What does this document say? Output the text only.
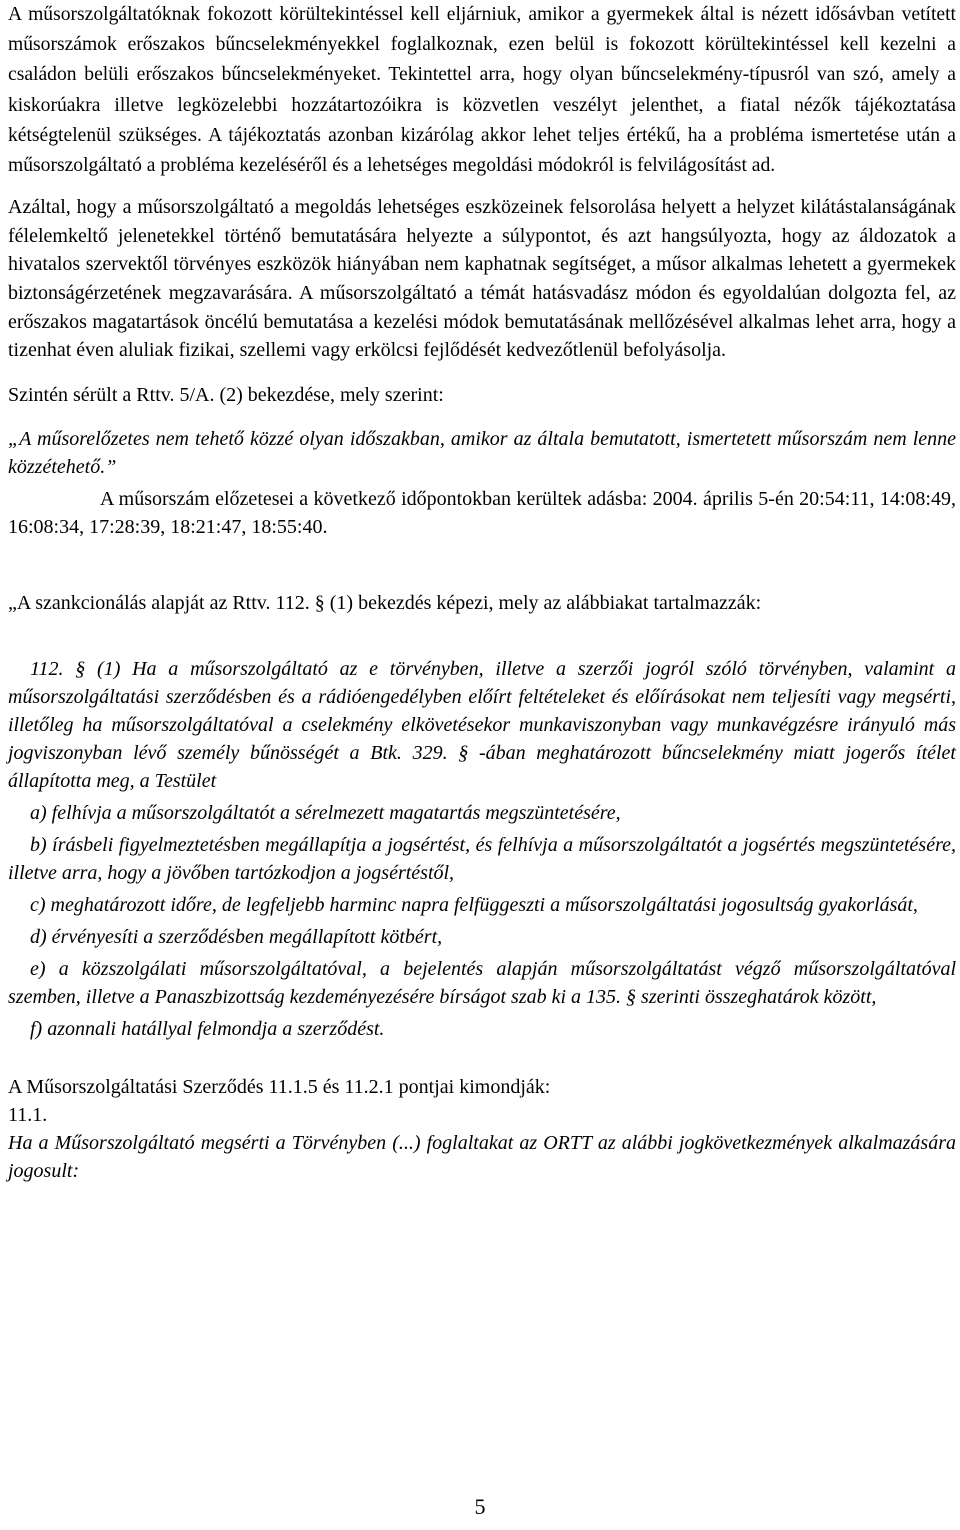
A műsorszolgáltatóknak fokozott körültekintéssel kell eljárniuk, amikor a gyermekek által is nézett idősávban vetített műsorszámok erőszakos bűncselekményekkel foglalkoznak, ezen belül is fokozott körültekintéssel kell kezelni a családon belüli erőszakos bűncselekményeket. Tekintettel arra, hogy olyan bűncselekmény-típusról van szó, amely a kiskorúakra illetve legközelebbi hozzátartozóikra is közvetlen veszélyt jelenthet, a fiatal nézők tájékoztatása kétségtelenül szükséges. A tájékoztatás azonban kizárólag akkor lehet teljes értékű, ha a probléma ismertetése után a műsorszolgáltató a probléma kezeléséről és a lehetséges megoldási módokról is felvilágosítást ad.

Azáltal, hogy a műsorszolgáltató a megoldás lehetséges eszközeinek felsorolása helyett a helyzet kilátástalanságának félelemkeltő jelenetekkel történő bemutatására helyezte a súlypontot, és azt hangsúlyozta, hogy az áldozatok a hivatalos szervektől törvényes eszközök hiányában nem kaphatnak segítséget, a műsor alkalmas lehetett a gyermekek biztonságérzetének megzavarására. A műsorszolgáltató a témát hatásvadász módon és egyoldalúan dolgozta fel, az erőszakos magatartások öncélú bemutatása a kezelési módok bemutatásának mellőzésével alkalmas lehet arra, hogy a tizenhat éven aluliak fizikai, szellemi vagy erkölcsi fejlődését kedvezőtlenül befolyásolja.

Szintén sérült a Rttv. 5/A. (2) bekezdése, mely szerint:

„A műsorelőzetes nem tehető közzé olyan időszakban, amikor az általa bemutatott, ismertetett műsorszám nem lenne közzétehető.”

A műsorszám előzetesei a következő időpontokban kerültek adásba: 2004. április 5-én 20:54:11, 14:08:49, 16:08:34, 17:28:39, 18:21:47, 18:55:40.

„A szankcionálás alapját az Rttv. 112. § (1) bekezdés képezi, mely az alábbiakat tartalmazzák:

112. § (1) Ha a műsorszolgáltató az e törvényben, illetve a szerzői jogról szóló törvényben, valamint a műsorszolgáltatási szerződésben és a rádióengedélyben előírt feltételeket és előírásokat nem teljesíti vagy megsérti, illetőleg ha műsorszolgáltatóval a cselekmény elkövetésekor munkaviszonyban vagy munkavégzésre irányuló más jogviszonyban lévő személy bűnösségét a Btk. 329. § -ában meghatározott bűncselekmény miatt jogerős ítélet állapította meg, a Testület

a) felhívja a műsorszolgáltatót a sérelmezett magatartás megszüntetésére,

b) írásbeli figyelmeztetésben megállapítja a jogsértést, és felhívja a műsorszolgáltatót a jogsértés megszüntetésére, illetve arra, hogy a jövőben tartózkodjon a jogsértéstől,

c) meghatározott időre, de legfeljebb harminc napra felfüggeszti a műsorszolgáltatási jogosultság gyakorlását,

d) érvényesíti a szerződésben megállapított kötbért,

e) a közszolgálati műsorszolgáltatóval, a bejelentés alapján műsorszolgáltatást végző műsorszolgáltatóval szemben, illetve a Panaszbizottság kezdeményezésére bírságot szab ki a 135. § szerinti összeghatárok között,

f) azonnali hatállyal felmondja a szerződést.

A Műsorszolgáltatási Szerződés 11.1.5 és 11.2.1 pontjai kimondják:

11.1.

Ha a Műsorszolgáltató megsérti a Törvényben (...) foglaltakat az ORTT az alábbi jogkövetkezmények alkalmazására jogosult:

5
